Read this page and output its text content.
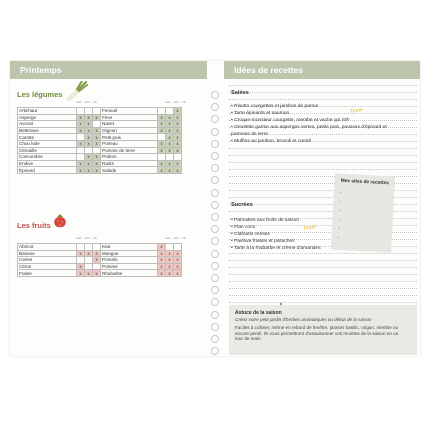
Printemps	Idées de recettes
Les légumes
mars avril mai	mars avril mai
Artichaut				Fenouil			x
Asperge	x	x	x	Fève	x	x	x
Avocat	x	x		Navet	x	x	x
Betterave	x	x	x	Oignon	x	x	x
Carotte		x	x	Petit pois		x	x
Chou kale	x	x	x	Poireau	x	x	x
Citrouille				Pomme de terre	x	x	x
Concombre		x	x	Potiron			
Endive	x	x	x	Radis	x	x	x
Épinard	x	x	x	Salade	x	x	x
Les fruits
mars avril mai	mars avril mai
Abricot				Kiwi	x		
Banane	x	x	x	Mangue	x	x	x
Cerise			x	Pomelo	x	x	x
Citron	x			Pomme	x	x	x
Fraise	x	x	x	Rhubarbe	x	x	x
Salées
• Risotto courgettes et jambon de parme
• Tarte épinards et saumon
• Croque-monsieur courgette, menthe et vache qui rit®
• Omelette garnie aux asperges vertes, petits pois, pousses d'épinard et
pommes de terre
• Muffins au jambon, brocoli et comté
Testé
Sucrées
• Pancakes aux fruits de saison
• Flan coco
• Clafoutis cerises
• Pavlova fraises et pistaches
• Tarte à la rhubarbe et crème d'amandes
Testé
Mes sites de recettes
•
•
•
•
•
•
Astuce de la saison
Créez votre petit jardin d'herbes aromatiques ou début de la saison
Faciles à cultiver, même en rebord de fenêtre, plantez basilic, origan, menthe ou encore persil. Ils vous permettront d'assaisonner vos recettes de la saison en un tour de main.
